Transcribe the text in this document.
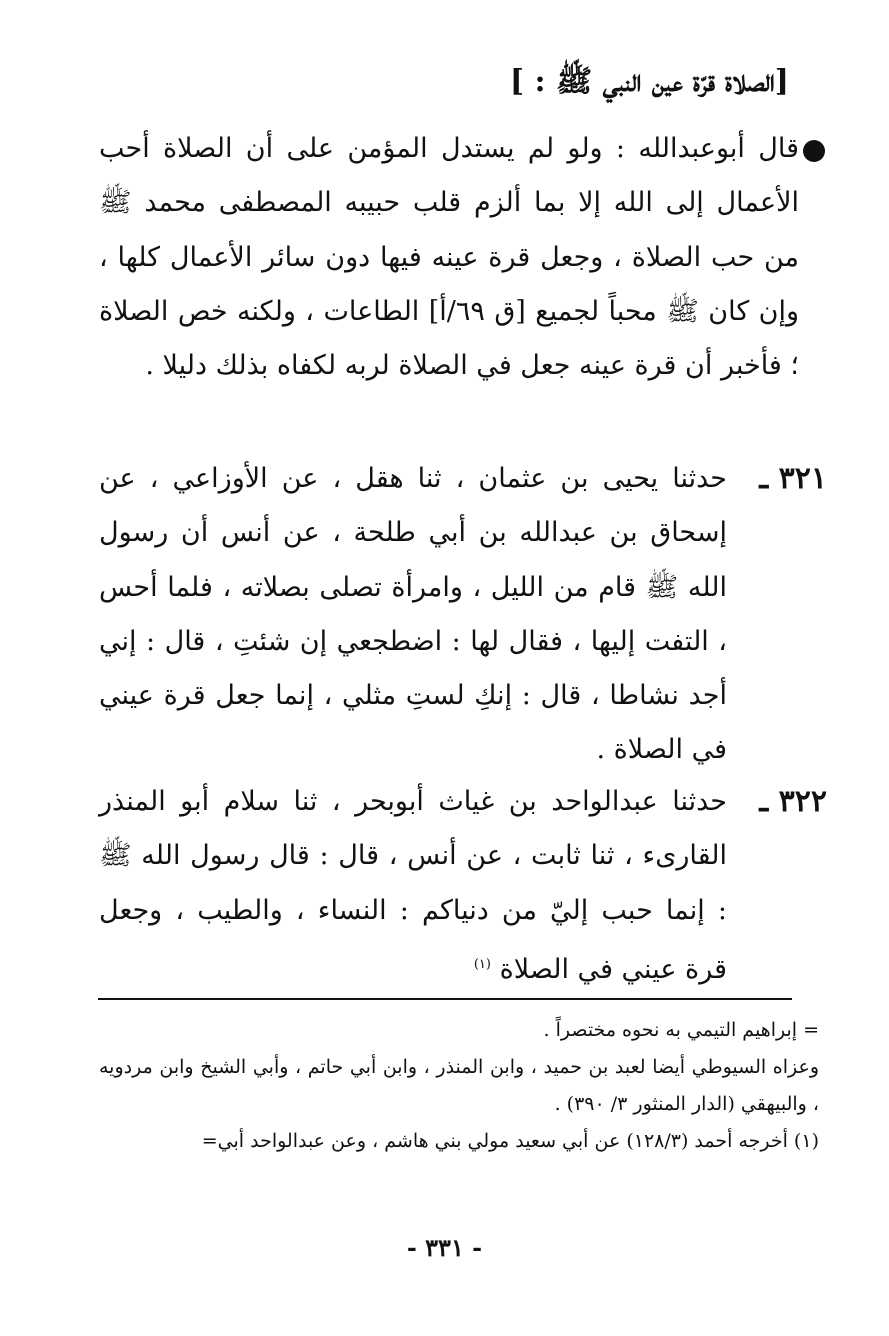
[الصلاة قرّة عين النبي ﷺ : ]
قال أبوعبدالله : ولو لم يستدل المؤمن على أن الصلاة أحب الأعمال إلى الله إلا بما ألزم قلب حبيبه المصطفى محمد ﷺ من حب الصلاة ، وجعل قرة عينه فيها دون سائر الأعمال كلها ، وإن كان ﷺ محباً لجميع [ق ٦٩/أ] الطاعات ، ولكنه خص الصلاة ؛ فأخبر أن قرة عينه جعل في الصلاة لربه لكفاه بذلك دليلا .
٣٢١ ـ
حدثنا يحيى بن عثمان ، ثنا هقل ، عن الأوزاعي ، عن إسحاق بن عبدالله بن أبي طلحة ، عن أنس أن رسول الله ﷺ قام من الليل ، وامرأة تصلى بصلاته ، فلما أحس ، التفت إليها ، فقال لها : اضطجعي إن شئتِ ، قال : إني أجد نشاطا ، قال : إنكِ لستِ مثلي ، إنما جعل قرة عيني في الصلاة .
٣٢٢ ـ
حدثنا عبدالواحد بن غياث أبوبحر ، ثنا سلام أبو المنذر القارىء ، ثنا ثابت ، عن أنس ، قال : قال رسول الله ﷺ : إنما حبب إليّ من دنياكم : النساء ، والطيب ، وجعل قرة عيني في الصلاة $^{(١)}$

= إبراهيم التيمي به نحوه مختصراً .

وعزاه السيوطي أيضا لعبد بن حميد ، وابن المنذر ، وابن أبي حاتم ، وأبي الشيخ وابن مردويه ، والبيهقي (الدار المنثور ٣/ ٣٩٠) .

(١) أخرجه أحمد (١٢٨/٣) عن أبي سعيد مولي بني هاشم ، وعن عبدالواحد أبي=

- ٣٣١ -
